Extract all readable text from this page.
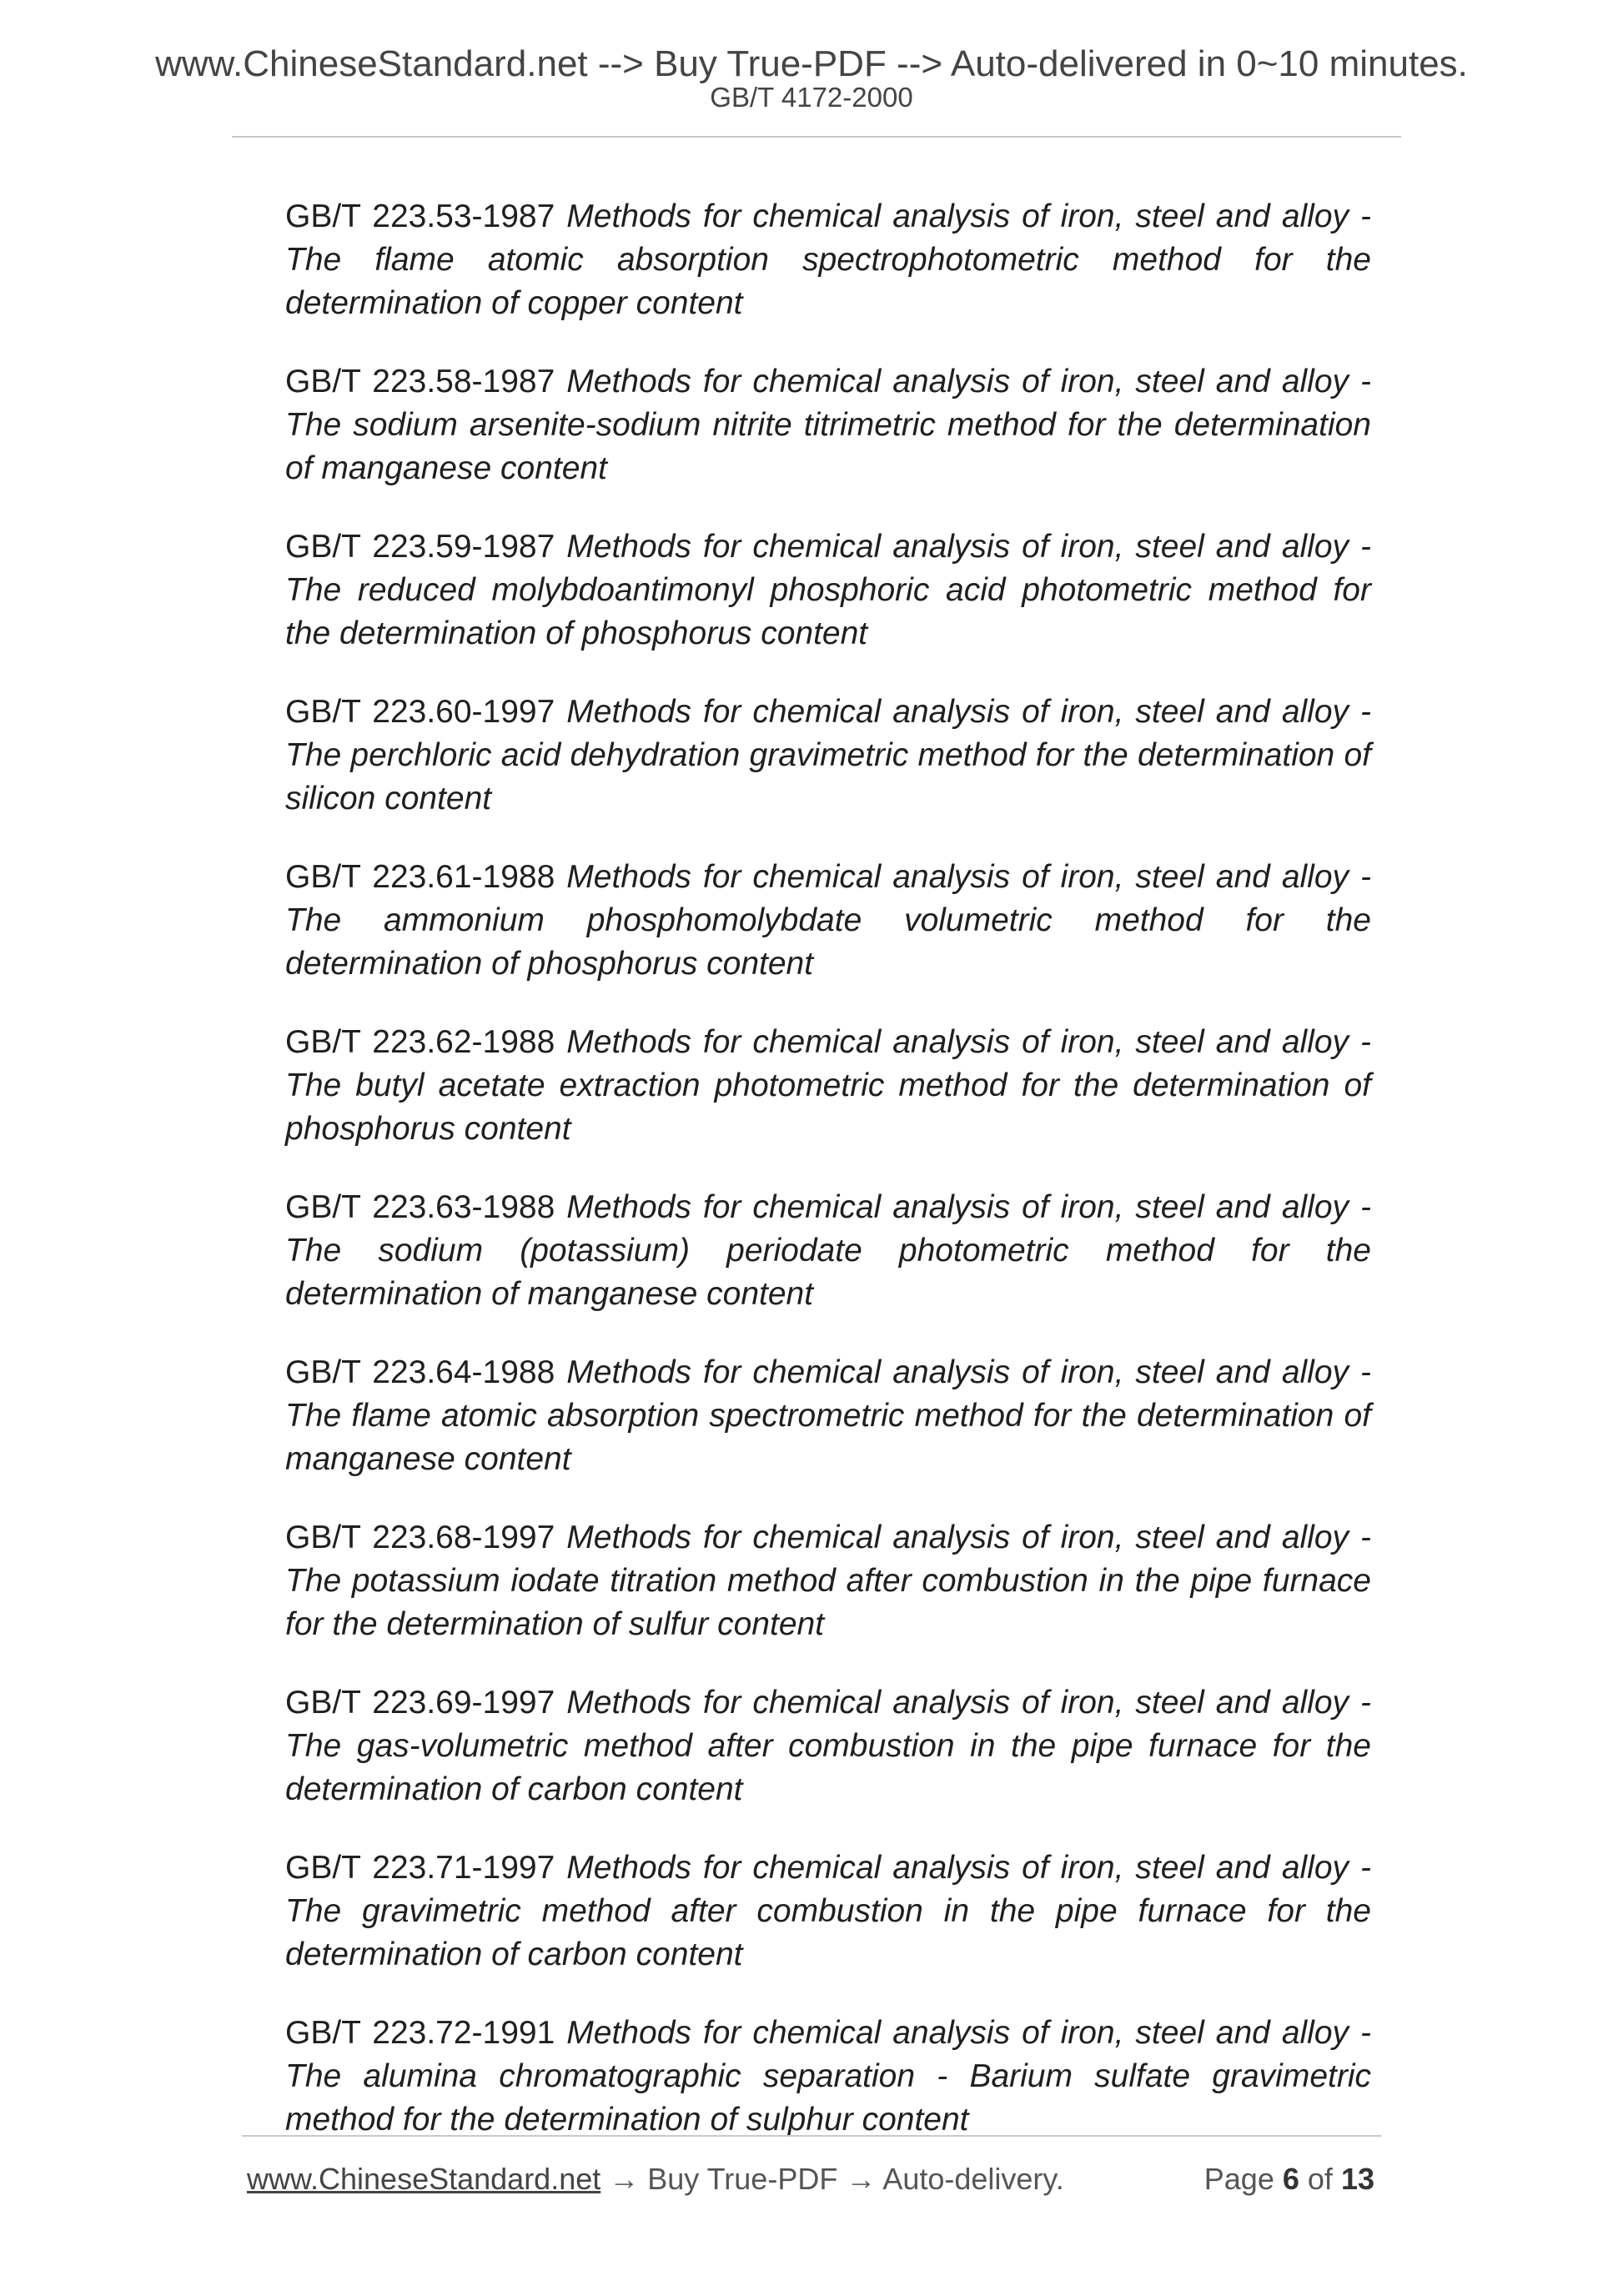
www.ChineseStandard.net --> Buy True-PDF --> Auto-delivered in 0~10 minutes.
GB/T 4172-2000

GB/T 223.53-1987 Methods for chemical analysis of iron, steel and alloy - The flame atomic absorption spectrophotometric method for the determination of copper content

GB/T 223.58-1987 Methods for chemical analysis of iron, steel and alloy - The sodium arsenite-sodium nitrite titrimetric method for the determination of manganese content

GB/T 223.59-1987 Methods for chemical analysis of iron, steel and alloy - The reduced molybdoantimonyl phosphoric acid photometric method for the determination of phosphorus content

GB/T 223.60-1997 Methods for chemical analysis of iron, steel and alloy - The perchloric acid dehydration gravimetric method for the determination of silicon content

GB/T 223.61-1988 Methods for chemical analysis of iron, steel and alloy - The ammonium phosphomolybdate volumetric method for the determination of phosphorus content

GB/T 223.62-1988 Methods for chemical analysis of iron, steel and alloy - The butyl acetate extraction photometric method for the determination of phosphorus content

GB/T 223.63-1988 Methods for chemical analysis of iron, steel and alloy - The sodium (potassium) periodate photometric method for the determination of manganese content

GB/T 223.64-1988 Methods for chemical analysis of iron, steel and alloy - The flame atomic absorption spectrometric method for the determination of manganese content

GB/T 223.68-1997 Methods for chemical analysis of iron, steel and alloy - The potassium iodate titration method after combustion in the pipe furnace for the determination of sulfur content

GB/T 223.69-1997 Methods for chemical analysis of iron, steel and alloy - The gas-volumetric method after combustion in the pipe furnace for the determination of carbon content

GB/T 223.71-1997 Methods for chemical analysis of iron, steel and alloy - The gravimetric method after combustion in the pipe furnace for the determination of carbon content

GB/T 223.72-1991 Methods for chemical analysis of iron, steel and alloy - The alumina chromatographic separation - Barium sulfate gravimetric method for the determination of sulphur content

www.ChineseStandard.net → Buy True-PDF → Auto-delivery.	Page 6 of 13
